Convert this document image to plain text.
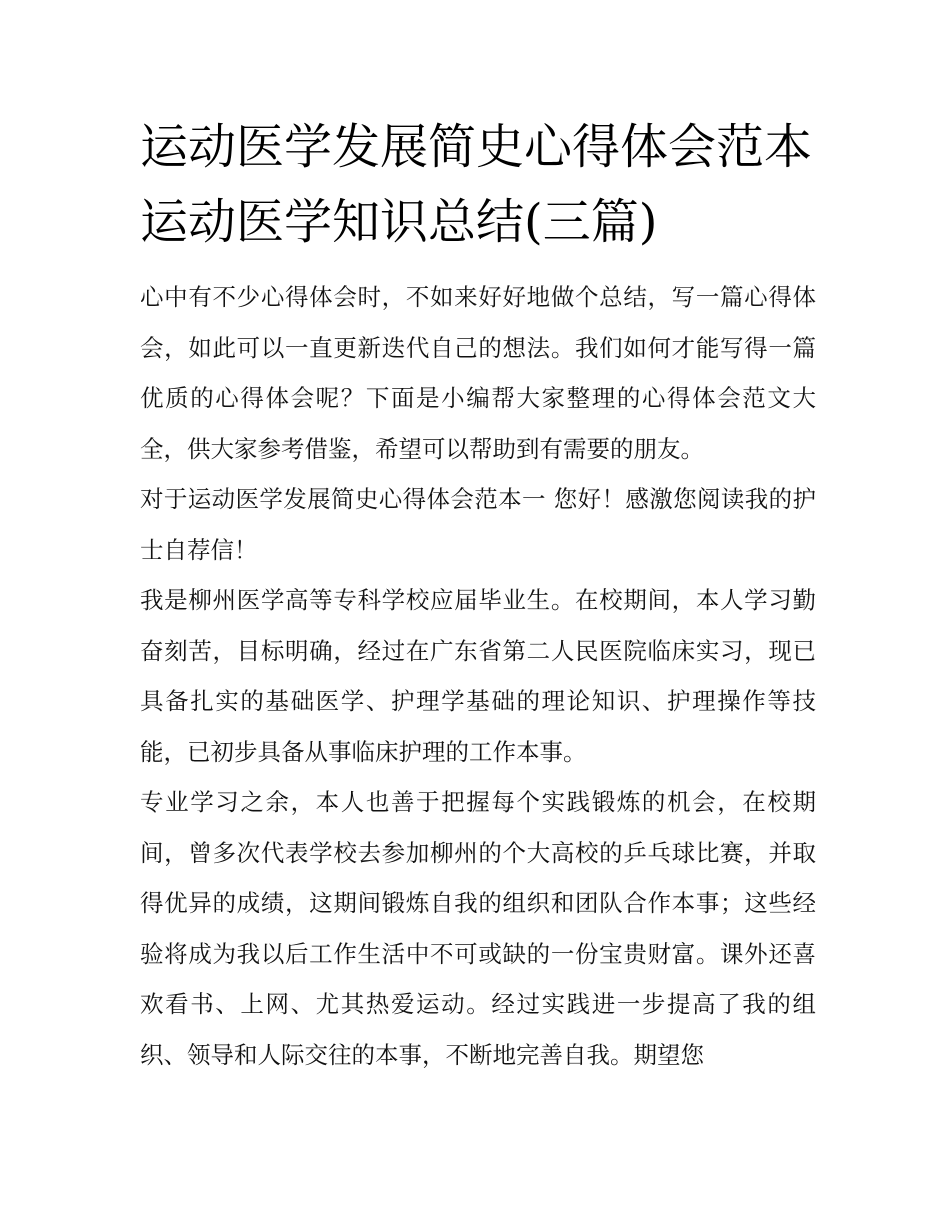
运动医学发展简史心得体会范本 运动医学知识总结(三篇)

心中有不少心得体会时，不如来好好地做个总结，写一篇心得体会，如此可以一直更新迭代自己的想法。我们如何才能写得一篇优质的心得体会呢？下面是小编帮大家整理的心得体会范文大全，供大家参考借鉴，希望可以帮助到有需要的朋友。

对于运动医学发展简史心得体会范本一 您好！感激您阅读我的护士自荐信！

我是柳州医学高等专科学校应届毕业生。在校期间，本人学习勤奋刻苦，目标明确，经过在广东省第二人民医院临床实习，现已具备扎实的基础医学、护理学基础的理论知识、护理操作等技能，已初步具备从事临床护理的工作本事。

专业学习之余，本人也善于把握每个实践锻炼的机会，在校期间，曾多次代表学校去参加柳州的个大高校的乒乓球比赛，并取得优异的成绩，这期间锻炼自我的组织和团队合作本事；这些经验将成为我以后工作生活中不可或缺的一份宝贵财富。课外还喜欢看书、上网、尤其热爱运动。经过实践进一步提高了我的组织、领导和人际交往的本事，不断地完善自我。期望您
